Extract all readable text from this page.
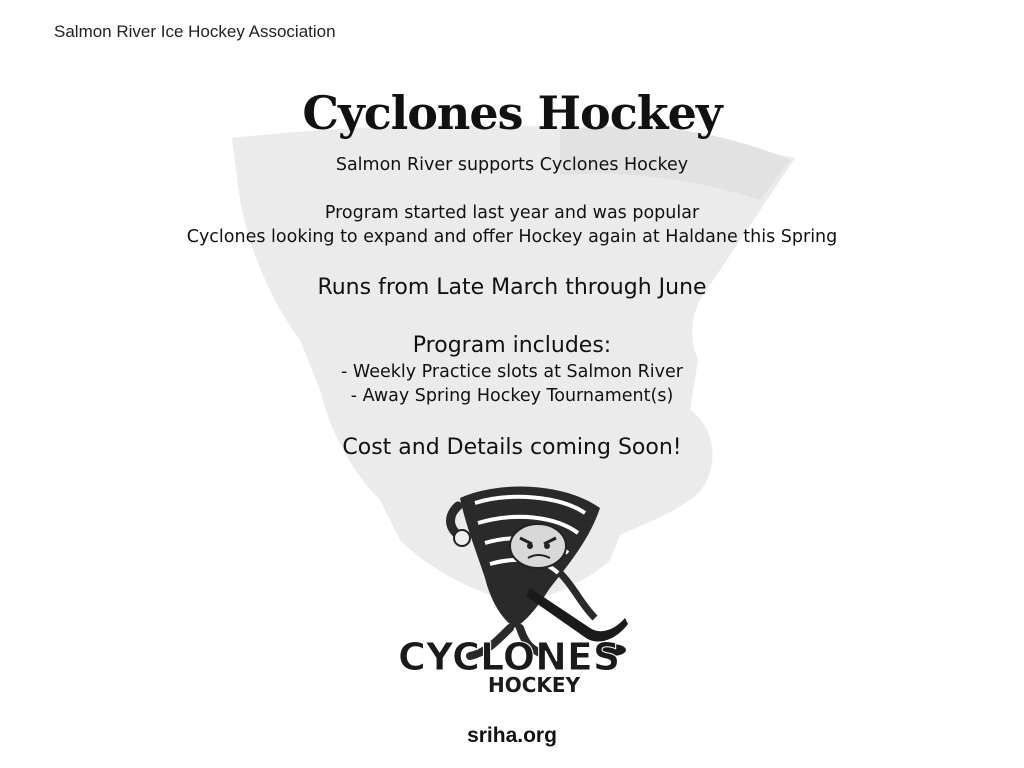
Salmon River Ice Hockey Association
Cyclones Hockey
Salmon River supports Cyclones Hockey
Program started last year and was popular
Cyclones looking to expand and offer Hockey again at Haldane this Spring
Runs from Late March through June
Program includes:
- Weekly Practice slots at Salmon River
- Away Spring Hockey Tournament(s)
Cost and Details coming Soon!
CYCLONES
HOCKEY
sriha.org
